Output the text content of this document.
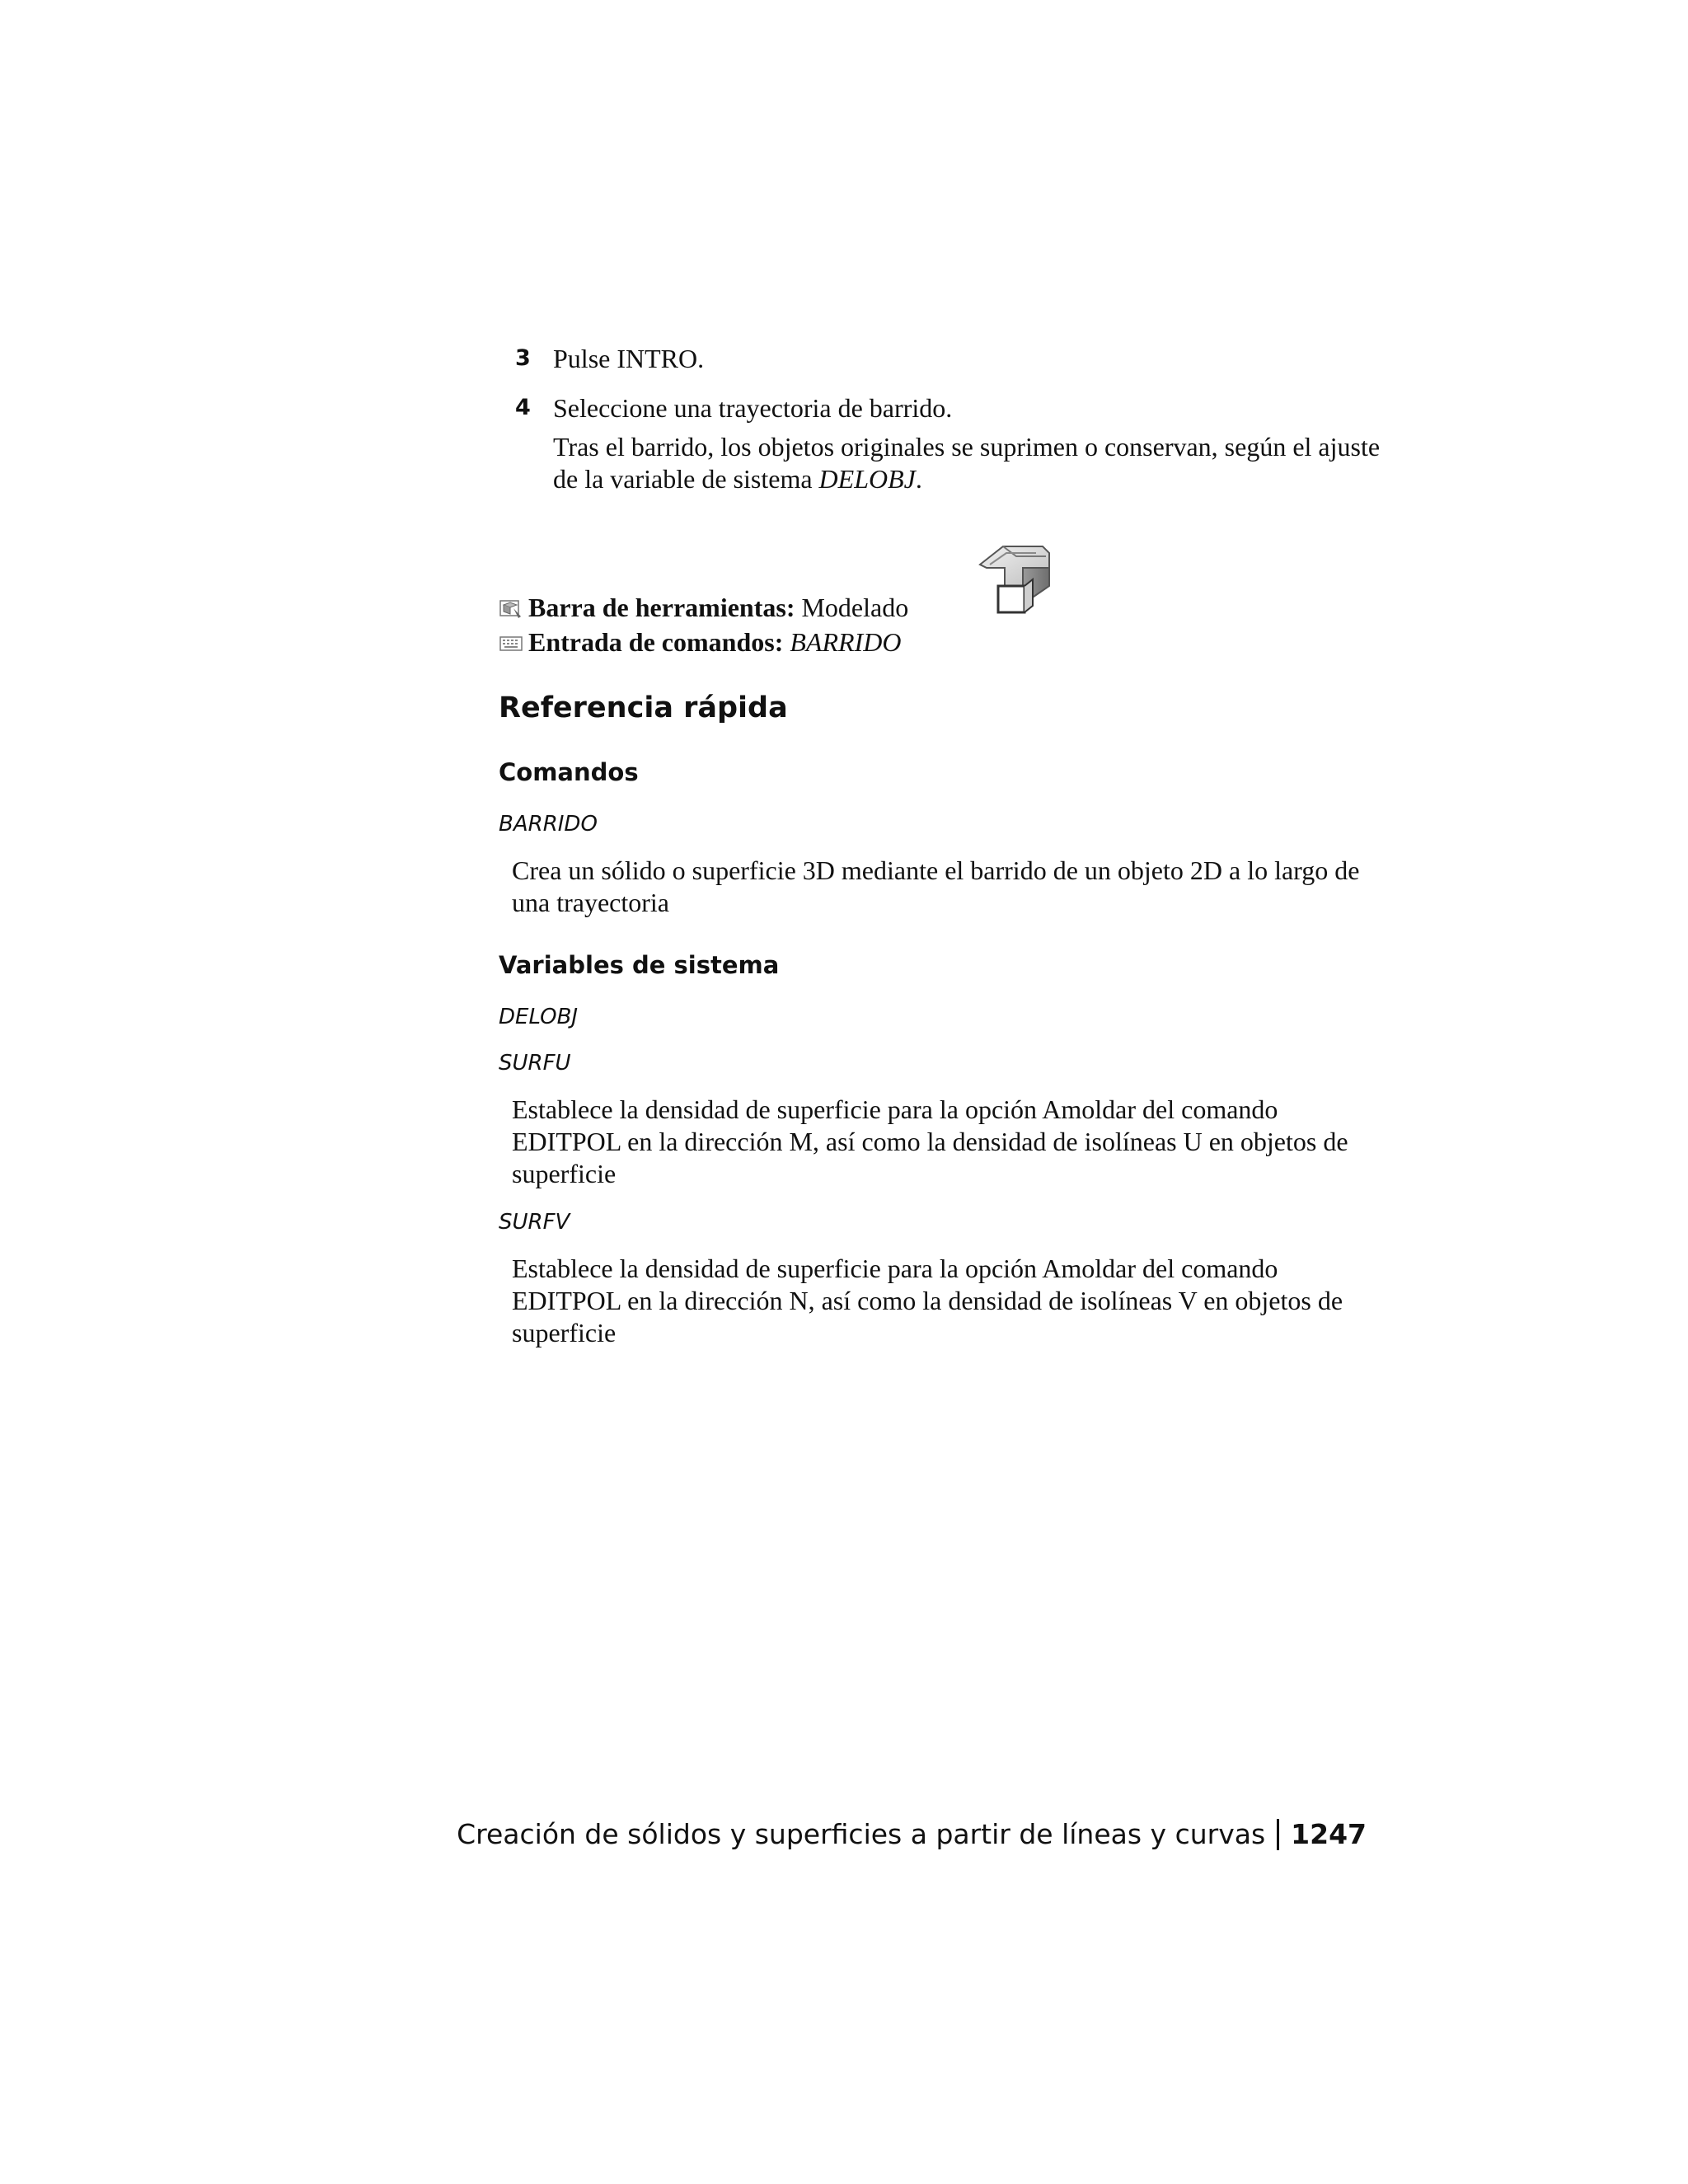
3 Pulse INTRO.
4 Seleccione una trayectoria de barrido.
Tras el barrido, los objetos originales se suprimen o conservan, según el ajuste de la variable de sistema DELOBJ.
Barra de herramientas: Modelado
Entrada de comandos: BARRIDO
Referencia rápida
Comandos
BARRIDO
Crea un sólido o superficie 3D mediante el barrido de un objeto 2D a lo largo de una trayectoria
Variables de sistema
DELOBJ
SURFU
Establece la densidad de superficie para la opción Amoldar del comando EDITPOL en la dirección M, así como la densidad de isolíneas U en objetos de superficie
SURFV
Establece la densidad de superficie para la opción Amoldar del comando EDITPOL en la dirección N, así como la densidad de isolíneas V en objetos de superficie
Creación de sólidos y superficies a partir de líneas y curvas 1247
